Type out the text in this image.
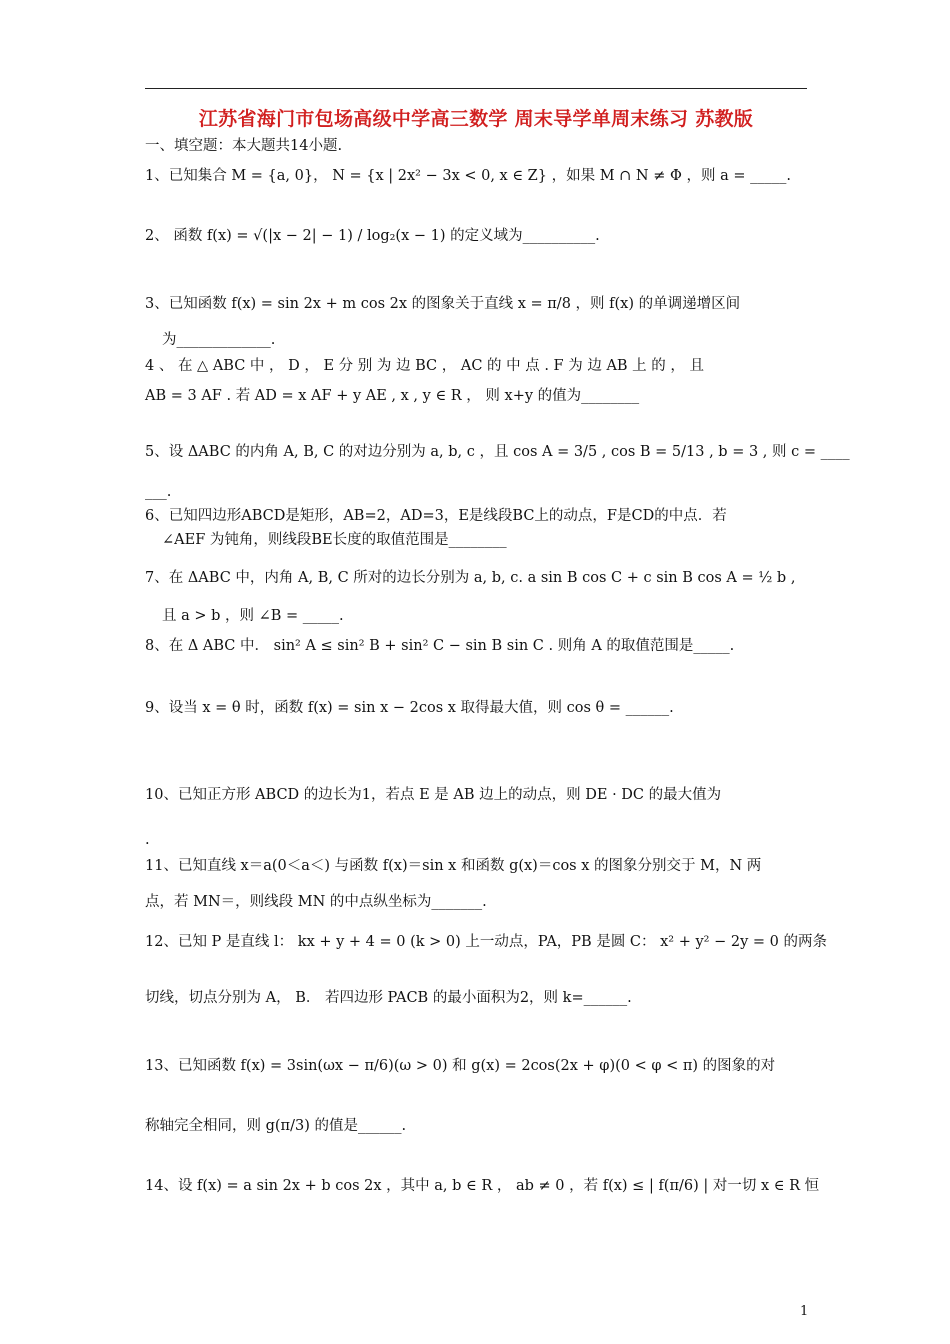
江苏省海门市包场高级中学高三数学 周末导学单周末练习 苏教版
一、填空题：本大题共14小题.
1、已知集合 M = {a, 0}， N = {x | 2x² − 3x < 0, x ∈ Z} ，如果 M ∩ N ≠ Φ ，则 a = _____.
2、 函数 f(x) = √(|x − 2| − 1) / log₂(x − 1) 的定义域为__________.
3、已知函数 f(x) = sin 2x + m cos 2x 的图象关于直线 x = π/8 ，则 f(x) 的单调递增区间
为_____________.
4 、 在 △ ABC 中 ， D ， E 分 别 为 边 BC ， AC 的 中 点 . F 为 边 AB 上 的 ， 且
AB = 3 AF . 若 AD = x AF + y AE , x , y ∈ R ， 则 x+y 的值为________
5、设 ΔABC 的内角 A, B, C 的对边分别为 a, b, c ，且 cos A = 3/5 , cos B = 5/13 , b = 3 , 则 c = ____
___.
6、已知四边形ABCD是矩形，AB=2，AD=3，E是线段BC上的动点，F是CD的中点．若
∠AEF 为钝角，则线段BE长度的取值范围是________
7、在 ΔABC 中，内角 A, B, C 所对的边长分别为 a, b, c. a sin B cos C + c sin B cos A = ½ b ,
且 a > b ，则 ∠B = _____.
8、在 Δ ABC 中． sin² A ≤ sin² B + sin² C − sin B sin C . 则角 A 的取值范围是_____.
9、设当 x = θ 时，函数 f(x) = sin x − 2cos x 取得最大值，则 cos θ = ______.
10、已知正方形 ABCD 的边长为1，若点 E 是 AB 边上的动点，则 DE · DC 的最大值为
.
11、已知直线 x＝a(0＜a＜) 与函数 f(x)＝sin x 和函数 g(x)＝cos x 的图象分别交于 M，N 两
点，若 MN＝，则线段 MN 的中点纵坐标为_______.
12、已知 P 是直线 l： kx + y + 4 = 0 (k > 0) 上一动点，PA，PB 是圆 C： x² + y² − 2y = 0 的两条
切线，切点分别为 A， B． 若四边形 PACB 的最小面积为2，则 k=______.
13、已知函数 f(x) = 3sin(ωx − π/6)(ω > 0) 和 g(x) = 2cos(2x + φ)(0 < φ < π) 的图象的对
称轴完全相同，则 g(π/3) 的值是______.
14、设 f(x) = a sin 2x + b cos 2x ，其中 a, b ∈ R ， ab ≠ 0 ，若 f(x) ≤ | f(π/6) | 对一切 x ∈ R 恒
1
